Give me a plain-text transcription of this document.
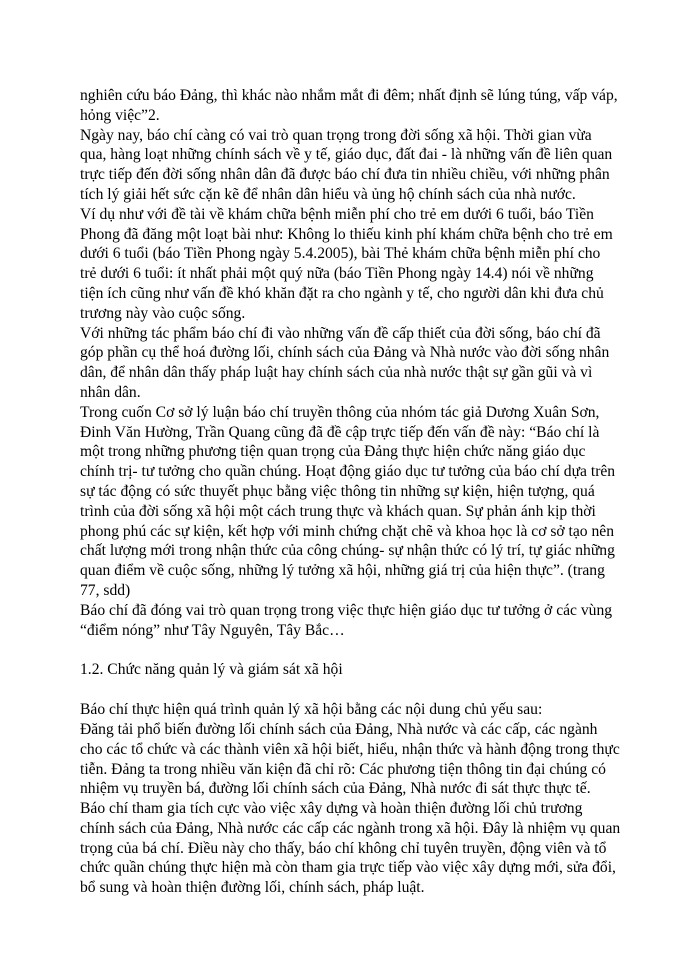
nghiên cứu báo Đảng, thì khác nào nhắm mắt đi đêm; nhất định sẽ lúng túng, vấp váp,
hỏng việc”2.

Ngày nay, báo chí càng có vai trò quan trọng trong đời sống xã hội. Thời gian vừa
qua, hàng loạt những chính sách về y tế, giáo dục, đất đai - là những vấn đề liên quan
trực tiếp đến đời sống nhân dân đã được báo chí đưa tin nhiều chiều, với những phân
tích lý giải hết sức cặn kẽ để nhân dân hiểu và ủng hộ chính sách của nhà nước.

Ví dụ như với đề tài về khám chữa bệnh miễn phí cho trẻ em dưới 6 tuổi, báo Tiền
Phong đã đăng một loạt bài như: Không lo thiếu kinh phí khám chữa bệnh cho trẻ em
dưới 6 tuổi (báo Tiền Phong ngày 5.4.2005), bài Thẻ khám chữa bệnh miễn phí cho
trẻ dưới 6 tuổi: ít nhất phải một quý nữa (báo Tiền Phong ngày 14.4) nói về những
tiện ích cũng như vấn đề khó khăn đặt ra cho ngành y tế, cho người dân khi đưa chủ
trương này vào cuộc sống.

Với những tác phẩm báo chí đi vào những vấn đề cấp thiết của đời sống, báo chí đã
góp phần cụ thể hoá đường lối, chính sách của Đảng và Nhà nước vào đời sống nhân
dân, để nhân dân thấy pháp luật hay chính sách của nhà nước thật sự gần gũi và vì
nhân dân.

Trong cuốn Cơ sở lý luận báo chí truyền thông của nhóm tác giả Dương Xuân Sơn,
Đinh Văn Hường, Trần Quang cũng đã đề cập trực tiếp đến vấn đề này: “Báo chí là
một trong những phương tiện quan trọng của Đảng thực hiện chức năng giáo dục
chính trị- tư tưởng cho quần chúng. Hoạt động giáo dục tư tưởng của báo chí dựa trên
sự tác động có sức thuyết phục bằng việc thông tin những sự kiện, hiện tượng, quá
trình của đời sống xã hội một cách trung thực và khách quan. Sự phản ánh kịp thời
phong phú các sự kiện, kết hợp với minh chứng chặt chẽ và khoa học là cơ sở tạo nên
chất lượng mới trong nhận thức của công chúng- sự nhận thức có lý trí, tự giác những
quan điểm về cuộc sống, những lý tưởng xã hội, những giá trị của hiện thực”. (trang
77, sdd)

Báo chí đã đóng vai trò quan trọng trong việc thực hiện giáo dục tư tưởng ở các vùng
“điểm nóng” như Tây Nguyên, Tây Bắc…

1.2. Chức năng quản lý và giám sát xã hội

Báo chí thực hiện quá trình quản lý xã hội bằng các nội dung chủ yếu sau:

Đăng tải phổ biến đường lối chính sách của Đảng, Nhà nước và các cấp, các ngành
cho các tổ chức và các thành viên xã hội biết, hiểu, nhận thức và hành động trong thực
tiễn. Đảng ta trong nhiều văn kiện đã chỉ rõ: Các phương tiện thông tin đại chúng có
nhiệm vụ truyền bá, đường lối chính sách của Đảng, Nhà nước đi sát thực thực tế.

Báo chí tham gia tích cực vào việc xây dựng và hoàn thiện đường lối chủ trương
chính sách của Đảng, Nhà nước các cấp các ngành trong xã hội. Đây là nhiệm vụ quan
trọng của bá chí. Điều này cho thấy, báo chí không chỉ tuyên truyền, động viên và tổ
chức quần chúng thực hiện mà còn tham gia trực tiếp vào việc xây dựng mới, sửa đổi,
bổ sung và hoàn thiện đường lối, chính sách, pháp luật.
